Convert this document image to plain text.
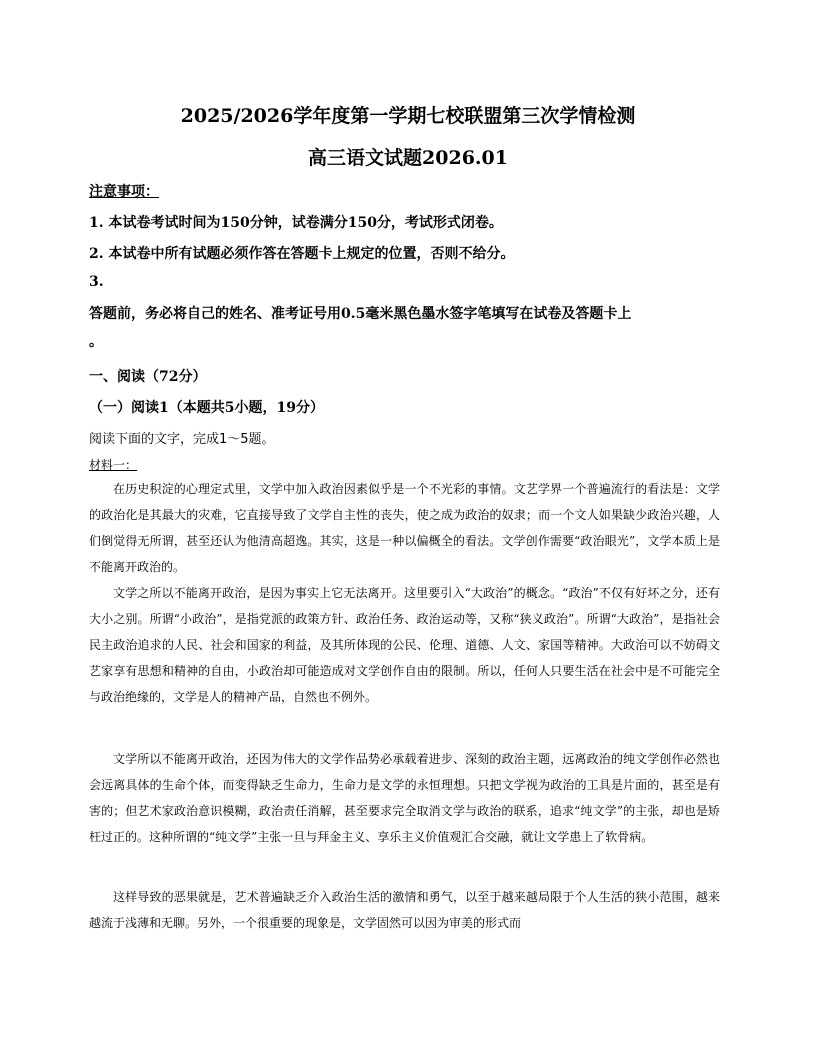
2025/2026学年度第一学期七校联盟第三次学情检测
高三语文试题2026.01

注意事项：

1. 本试卷考试时间为150分钟，试卷满分150分，考试形式闭卷。

2. 本试卷中所有试题必须作答在答题卡上规定的位置，否则不给分。

3.

答题前，务必将自己的姓名、准考证号用0.5毫米黑色墨水签字笔填写在试卷及答题卡上

。

一、阅读（72分）

（一）阅读1（本题共5小题，19分）

阅读下面的文字，完成1～5题。

材料一：

在历史积淀的心理定式里，文学中加入政治因素似乎是一个不光彩的事情。文艺学界一个普遍流行的看法是：文学的政治化是其最大的灾难，它直接导致了文学自主性的丧失，使之成为政治的奴隶；而一个文人如果缺少政治兴趣，人们倒觉得无所谓，甚至还认为他清高超逸。其实，这是一种以偏概全的看法。文学创作需要“政治眼光”，文学本质上是不能离开政治的。

文学之所以不能离开政治，是因为事实上它无法离开。这里要引入“大政治”的概念。“政治”不仅有好坏之分，还有大小之别。所谓“小政治”，是指党派的政策方针、政治任务、政治运动等，又称“狭义政治”。所谓“大政治”，是指社会民主政治追求的人民、社会和国家的利益，及其所体现的公民、伦理、道德、人文、家国等精神。大政治可以不妨碍文艺家享有思想和精神的自由，小政治却可能造成对文学创作自由的限制。所以，任何人只要生活在社会中是不可能完全与政治绝缘的，文学是人的精神产品，自然也不例外。

文学所以不能离开政治，还因为伟大的文学作品势必承载着进步、深刻的政治主题，远离政治的纯文学创作必然也会远离具体的生命个体，而变得缺乏生命力，生命力是文学的永恒理想。只把文学视为政治的工具是片面的，甚至是有害的；但艺术家政治意识模糊，政治责任消解，甚至要求完全取消文学与政治的联系，追求“纯文学”的主张，却也是矫枉过正的。这种所谓的“纯文学”主张一旦与拜金主义、享乐主义价值观汇合交融，就让文学患上了软骨病。

这样导致的恶果就是，艺术普遍缺乏介入政治生活的激情和勇气，以至于越来越局限于个人生活的狭小范围，越来越流于浅薄和无聊。另外，一个很重要的现象是，文学固然可以因为审美的形式而
